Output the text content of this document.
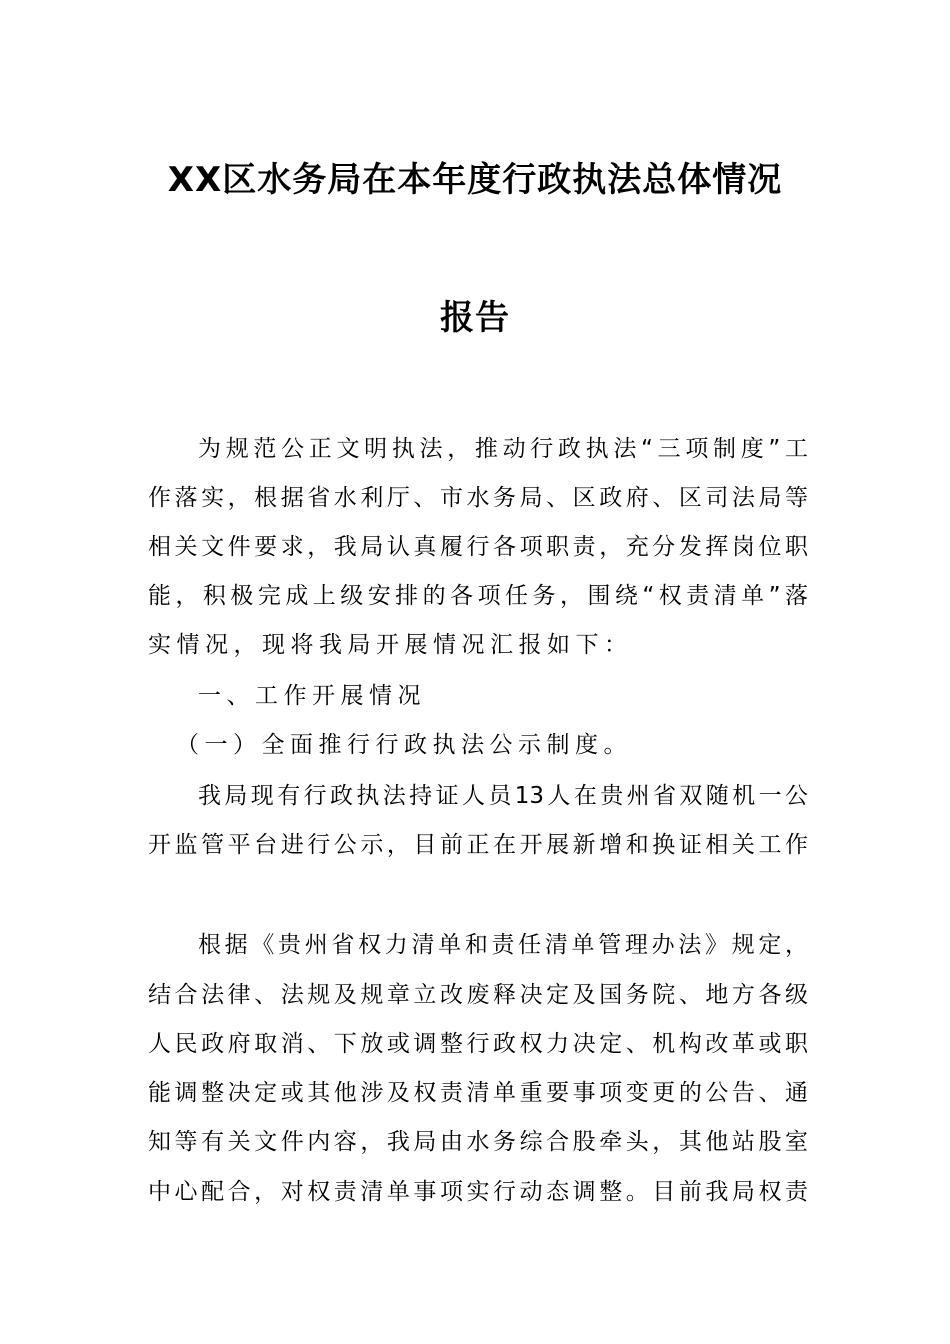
XX区水务局在本年度行政执法总体情况
报告
为规范公正文明执法，推动行政执法“三项制度”工
作落实，根据省水利厅、市水务局、区政府、区司法局等
相关文件要求，我局认真履行各项职责，充分发挥岗位职
能，积极完成上级安排的各项任务，围绕“权责清单”落
实情况，现将我局开展情况汇报如下：
一、工作开展情况
（一）全面推行行政执法公示制度。
我局现有行政执法持证人员13人在贵州省双随机一公
开监管平台进行公示，目前正在开展新增和换证相关工作
根据《贵州省权力清单和责任清单管理办法》规定，
结合法律、法规及规章立改废释决定及国务院、地方各级
人民政府取消、下放或调整行政权力决定、机构改革或职
能调整决定或其他涉及权责清单重要事项变更的公告、通
知等有关文件内容，我局由水务综合股牵头，其他站股室
中心配合，对权责清单事项实行动态调整。目前我局权责
